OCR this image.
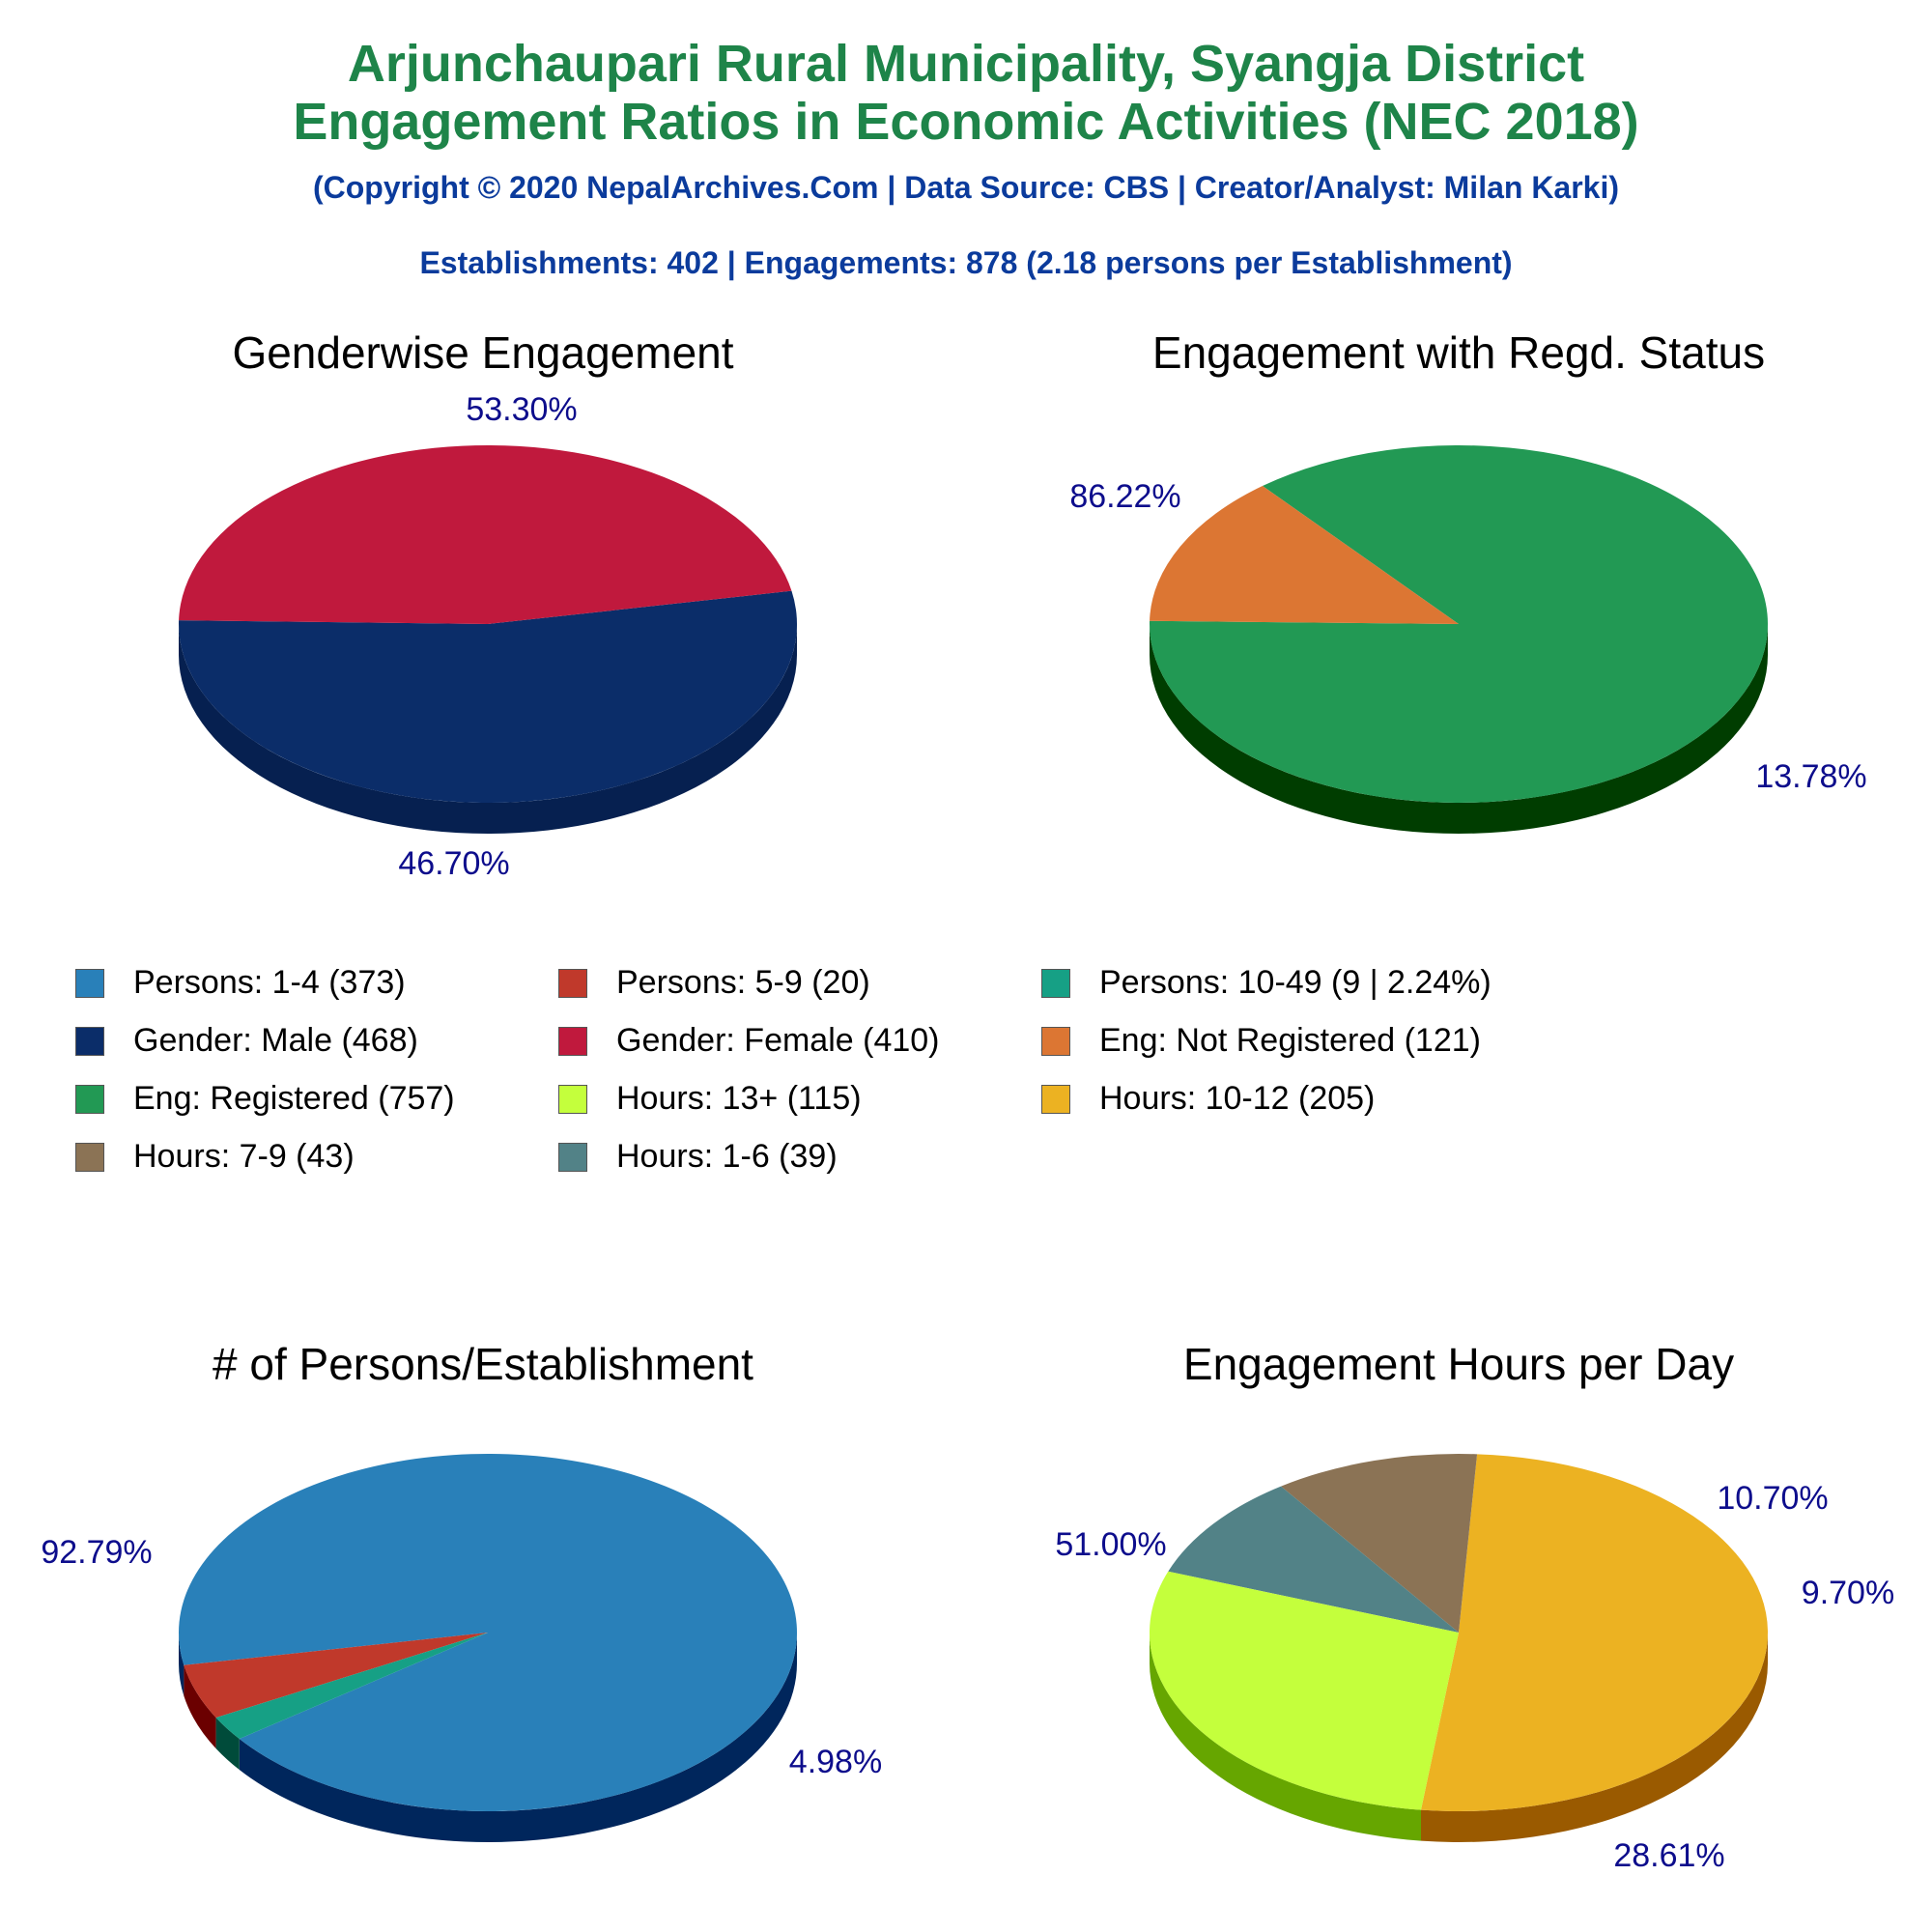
Arjunchaupari Rural Municipality, Syangja District
Engagement Ratios in Economic Activities (NEC 2018)
(Copyright © 2020 NepalArchives.Com | Data Source: CBS | Creator/Analyst: Milan Karki)
Establishments: 402 | Engagements: 878 (2.18 persons per Establishment)
Genderwise Engagement	Engagement with Regd. Status
# of Persons/Establishment	Engagement Hours per Day
Persons: 1-4 (373)	Persons: 5-9 (20)	Persons: 10-49 (9 | 2.24%)
Gender: Male (468)	Gender: Female (410)	Eng: Not Registered (121)
Eng: Registered (757)	Hours: 13+ (115)	Hours: 10-12 (205)
Hours: 7-9 (43)	Hours: 1-6 (39)
53.30%
46.70%
86.22%
13.78%
92.79%
4.98%
51.00%
10.70%
9.70%
28.61%
